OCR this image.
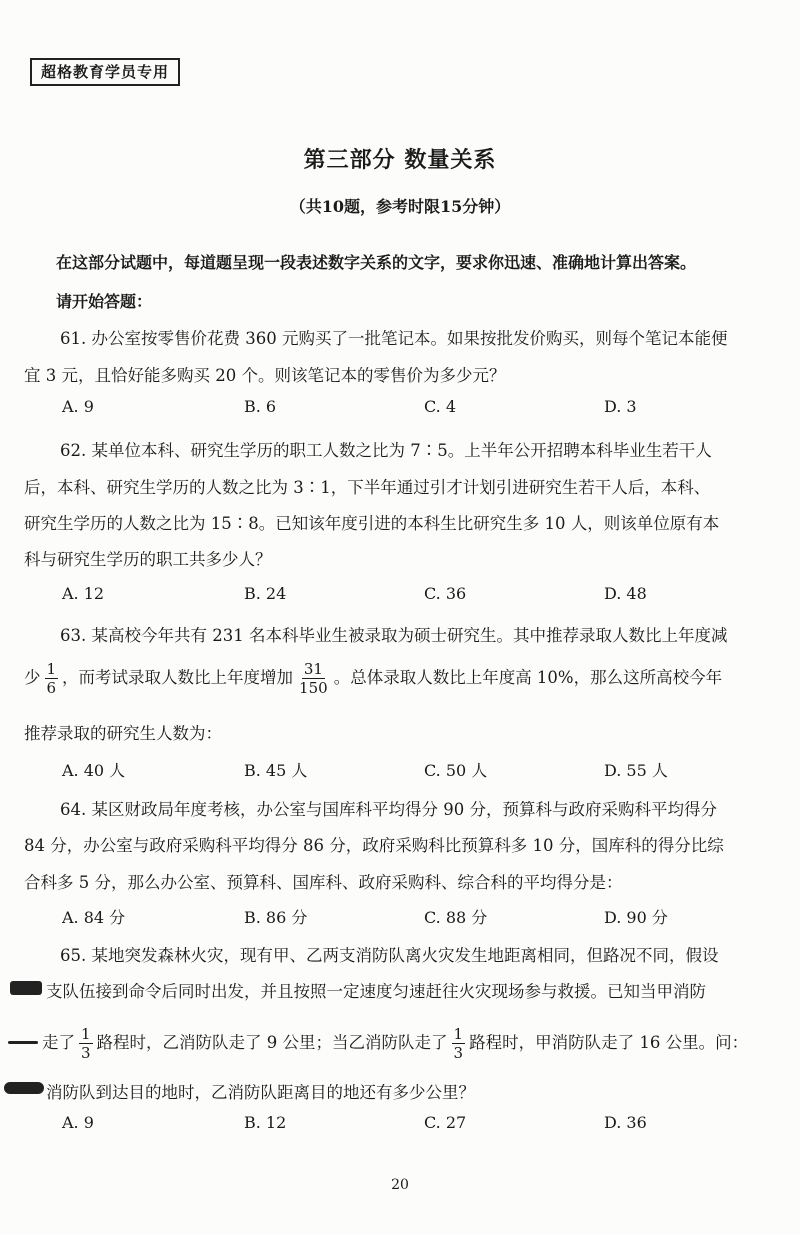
超格教育学员专用
第三部分 数量关系
（共10题，参考时限15分钟）
在这部分试题中，每道题呈现一段表述数字关系的文字，要求你迅速、准确地计算出答案。
请开始答题：
61. 办公室按零售价花费 360 元购买了一批笔记本。如果按批发价购买，则每个笔记本能便
宜 3 元，且恰好能多购买 20 个。则该笔记本的零售价为多少元？
A. 9	B. 6	C. 4	D. 3
62. 某单位本科、研究生学历的职工人数之比为 7∶5。上半年公开招聘本科毕业生若干人
后，本科、研究生学历的人数之比为 3∶1，下半年通过引才计划引进研究生若干人后，本科、
研究生学历的人数之比为 15∶8。已知该年度引进的本科生比研究生多 10 人，则该单位原有本
科与研究生学历的职工共多少人？
A. 12	B. 24	C. 36	D. 48
63. 某高校今年共有 231 名本科毕业生被录取为硕士研究生。其中推荐录取人数比上年度减
少 $\frac{1}{6}$ ，而考试录取人数比上年度增加 $\frac{31}{150}$ 。总体录取人数比上年度高 10%，那么这所高校今年
推荐录取的研究生人数为：
A. 40 人	B. 45 人	C. 50 人	D. 55 人
64. 某区财政局年度考核，办公室与国库科平均得分 90 分，预算科与政府采购科平均得分
84 分，办公室与政府采购科平均得分 86 分，政府采购科比预算科多 10 分，国库科的得分比综
合科多 5 分，那么办公室、预算科、国库科、政府采购科、综合科的平均得分是：
A. 84 分	B. 86 分	C. 88 分	D. 90 分
65. 某地突发森林火灾，现有甲、乙两支消防队离火灾发生地距离相同，但路况不同，假设
支队伍接到命令后同时出发，并且按照一定速度匀速赶往火灾现场参与救援。已知当甲消防
走了 $\frac{1}{3}$ 路程时，乙消防队走了 9 公里；当乙消防队走了 $\frac{1}{3}$ 路程时，甲消防队走了 16 公里。问：
消防队到达目的地时，乙消防队距离目的地还有多少公里？
A. 9	B. 12	C. 27	D. 36
20
